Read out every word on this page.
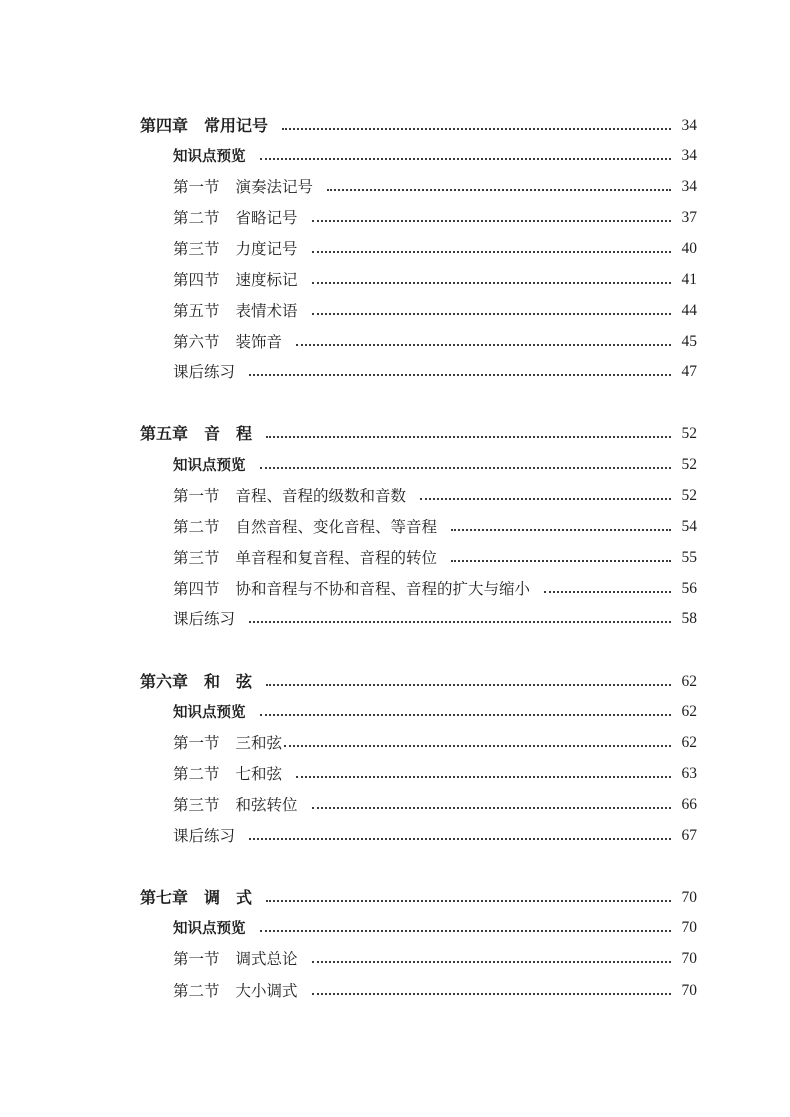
第四章 常用记号	34
知识点预览	34
第一节 演奏法记号	34
第二节 省略记号	37
第三节 力度记号	40
第四节 速度标记	41
第五节 表情术语	44
第六节 装饰音	45
课后练习	47
第五章 音　程	52
知识点预览	52
第一节 音程、音程的级数和音数	52
第二节 自然音程、变化音程、等音程	54
第三节 单音程和复音程、音程的转位	55
第四节 协和音程与不协和音程、音程的扩大与缩小	56
课后练习	58
第六章 和　弦	62
知识点预览	62
第一节 三和弦	62
第二节 七和弦	63
第三节 和弦转位	66
课后练习	67
第七章 调　式	70
知识点预览	70
第一节 调式总论	70
第二节 大小调式	70
